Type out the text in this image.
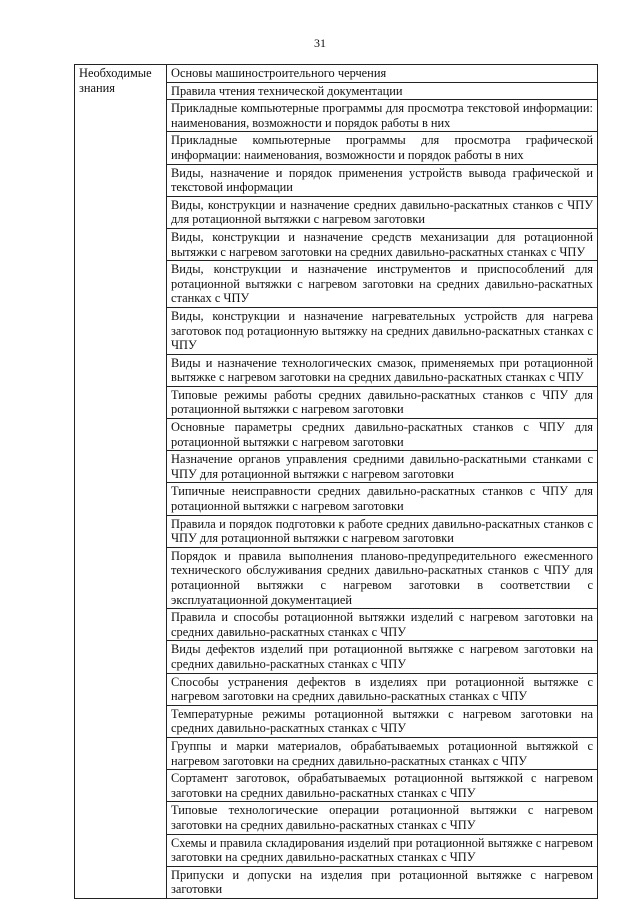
31
Необходимые знания	Основы машиностроительного черчения
Правила чтения технической документации
Прикладные компьютерные программы для просмотра текстовой информации: наименования, возможности и порядок работы в них
Прикладные компьютерные программы для просмотра графической информации: наименования, возможности и порядок работы в них
Виды, назначение и порядок применения устройств вывода графической и текстовой информации
Виды, конструкции и назначение средних давильно-раскатных станков с ЧПУ для ротационной вытяжки с нагревом заготовки
Виды, конструкции и назначение средств механизации для ротационной вытяжки с нагревом заготовки на средних давильно-раскатных станках с ЧПУ
Виды, конструкции и назначение инструментов и приспособлений для ротационной вытяжки с нагревом заготовки на средних давильно-раскатных станках с ЧПУ
Виды, конструкции и назначение нагревательных устройств для нагрева заготовок под ротационную вытяжку на средних давильно-раскатных станках с ЧПУ
Виды и назначение технологических смазок, применяемых при ротационной вытяжке с нагревом заготовки на средних давильно-раскатных станках с ЧПУ
Типовые режимы работы средних давильно-раскатных станков с ЧПУ для ротационной вытяжки с нагревом заготовки
Основные параметры средних давильно-раскатных станков с ЧПУ для ротационной вытяжки с нагревом заготовки
Назначение органов управления средними давильно-раскатными станками с ЧПУ для ротационной вытяжки с нагревом заготовки
Типичные неисправности средних давильно-раскатных станков с ЧПУ для ротационной вытяжки с нагревом заготовки
Правила и порядок подготовки к работе средних давильно-раскатных станков с ЧПУ для ротационной вытяжки с нагревом заготовки
Порядок и правила выполнения планово-предупредительного ежесменного технического обслуживания средних давильно-раскатных станков с ЧПУ для ротационной вытяжки с нагревом заготовки в соответствии с эксплуатационной документацией
Правила и способы ротационной вытяжки изделий с нагревом заготовки на средних давильно-раскатных станках с ЧПУ
Виды дефектов изделий при ротационной вытяжке с нагревом заготовки на средних давильно-раскатных станках с ЧПУ
Способы устранения дефектов в изделиях при ротационной вытяжке с нагревом заготовки на средних давильно-раскатных станках с ЧПУ
Температурные режимы ротационной вытяжки с нагревом заготовки на средних давильно-раскатных станках с ЧПУ
Группы и марки материалов, обрабатываемых ротационной вытяжкой с нагревом заготовки на средних давильно-раскатных станках с ЧПУ
Сортамент заготовок, обрабатываемых ротационной вытяжкой с нагревом заготовки на средних давильно-раскатных станках с ЧПУ
Типовые технологические операции ротационной вытяжки с нагревом заготовки на средних давильно-раскатных станках с ЧПУ
Схемы и правила складирования изделий при ротационной вытяжке с нагревом заготовки на средних давильно-раскатных станках с ЧПУ
Припуски и допуски на изделия при ротационной вытяжке с нагревом заготовки
